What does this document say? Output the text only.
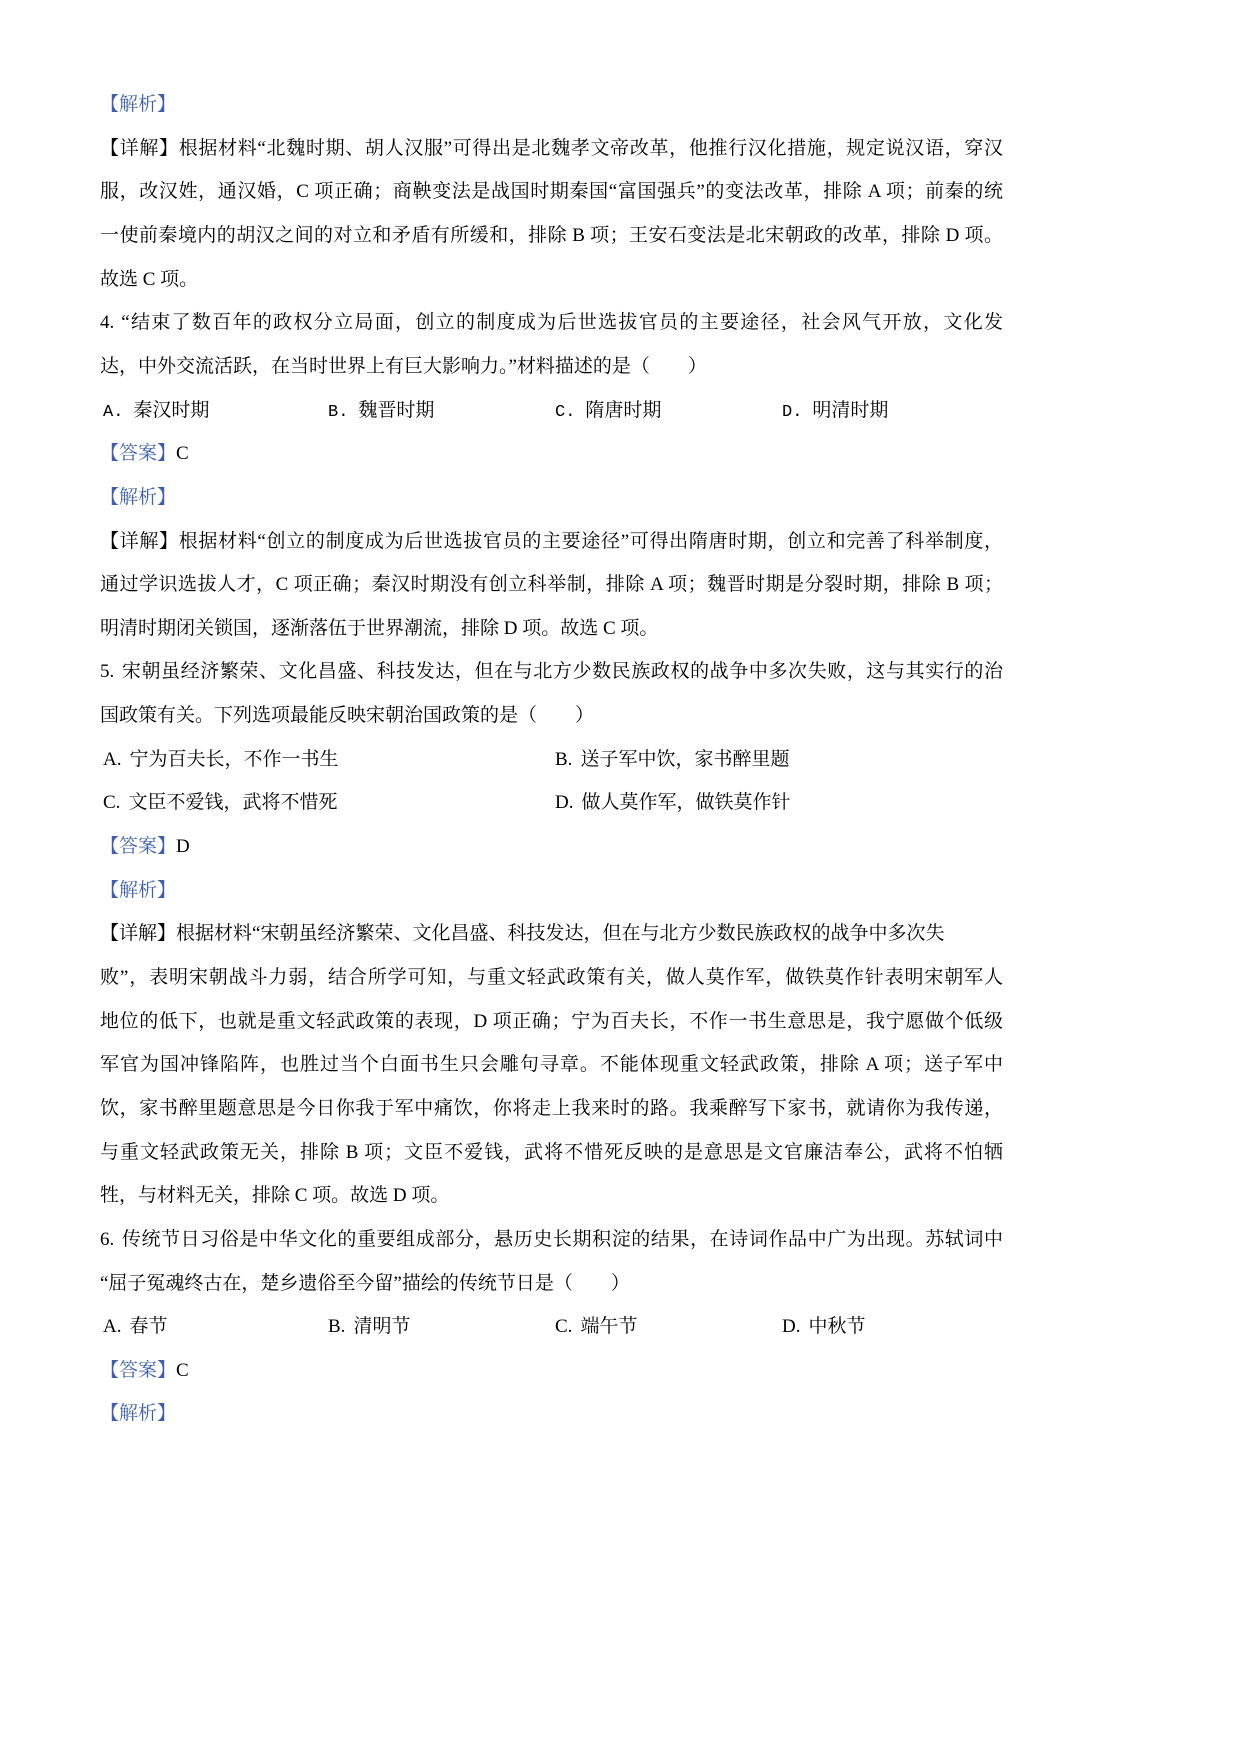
【解析】
【详解】根据材料“北魏时期、胡人汉服”可得出是北魏孝文帝改革，他推行汉化措施，规定说汉语，穿汉
服，改汉姓，通汉婚，C 项正确；商鞅变法是战国时期秦国“富国强兵”的变法改革，排除 A 项；前秦的统
一使前秦境内的胡汉之间的对立和矛盾有所缓和，排除 B 项；王安石变法是北宋朝政的改革，排除 D 项。
故选 C 项。
4. “结束了数百年的政权分立局面，创立的制度成为后世选拔官员的主要途径，社会风气开放，文化发
达，中外交流活跃，在当时世界上有巨大影响力。”材料描述的是（　　）
A. 秦汉时期	B. 魏晋时期	C. 隋唐时期	D. 明清时期
【答案】C
【解析】
【详解】根据材料“创立的制度成为后世选拔官员的主要途径”可得出隋唐时期，创立和完善了科举制度，
通过学识选拔人才，C 项正确；秦汉时期没有创立科举制，排除 A 项；魏晋时期是分裂时期，排除 B 项；
明清时期闭关锁国，逐渐落伍于世界潮流，排除 D 项。故选 C 项。
5. 宋朝虽经济繁荣、文化昌盛、科技发达，但在与北方少数民族政权的战争中多次失败，这与其实行的治
国政策有关。下列选项最能反映宋朝治国政策的是（　　）
A. 宁为百夫长，不作一书生	B. 送子军中饮，家书醉里题
C. 文臣不爱钱，武将不惜死	D. 做人莫作军，做铁莫作针
【答案】D
【解析】
【详解】根据材料“宋朝虽经济繁荣、文化昌盛、科技发达，但在与北方少数民族政权的战争中多次失
败”，表明宋朝战斗力弱，结合所学可知，与重文轻武政策有关，做人莫作军，做铁莫作针表明宋朝军人
地位的低下，也就是重文轻武政策的表现，D 项正确；宁为百夫长，不作一书生意思是，我宁愿做个低级
军官为国冲锋陷阵，也胜过当个白面书生只会雕句寻章。不能体现重文轻武政策，排除 A 项；送子军中
饮，家书醉里题意思是今日你我于军中痛饮，你将走上我来时的路。我乘醉写下家书，就请你为我传递，
与重文轻武政策无关，排除 B 项；文臣不爱钱，武将不惜死反映的是意思是文官廉洁奉公，武将不怕牺
牲，与材料无关，排除 C 项。故选 D 项。
6. 传统节日习俗是中华文化的重要组成部分，悬历史长期积淀的结果，在诗词作品中广为出现。苏轼词中
“屈子冤魂终古在，楚乡遗俗至今留”描绘的传统节日是（　　）
A. 春节	B. 清明节	C. 端午节	D. 中秋节
【答案】C
【解析】
